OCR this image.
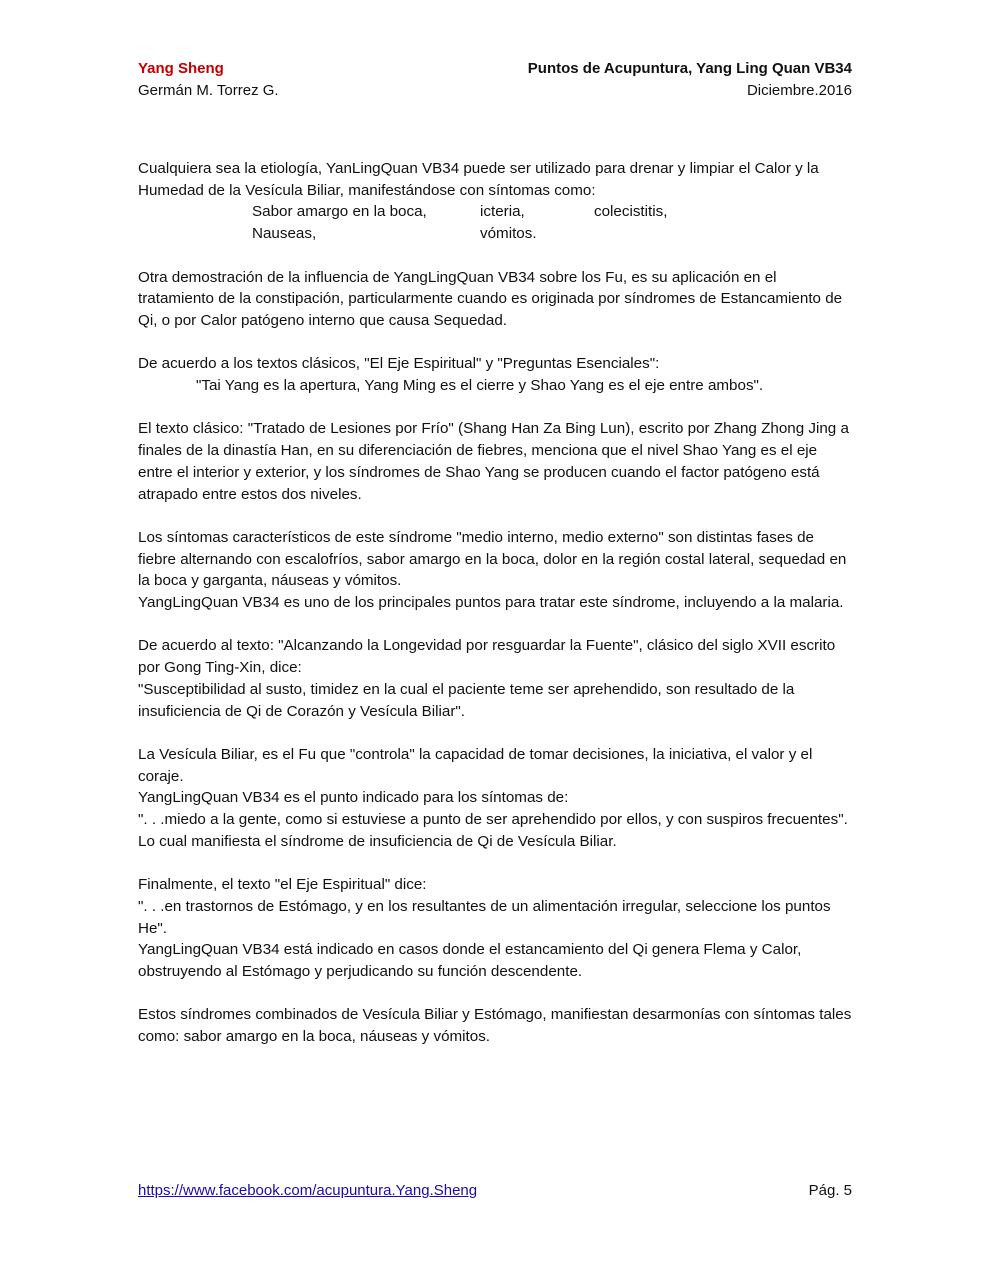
Yang Sheng	Puntos de Acupuntura, Yang Ling Quan VB34
Germán M. Torrez G.	Diciembre.2016

Cualquiera sea la etiología, YanLingQuan VB34 puede ser utilizado para drenar y limpiar el Calor y la Humedad de la Vesícula Biliar, manifestándose con síntomas como:

Sabor amargo en la boca,	icteria,	colecistitis,
Nauseas,	vómitos.

Otra demostración de la influencia de YangLingQuan VB34 sobre los Fu, es su aplicación en el tratamiento de la constipación, particularmente cuando es originada por síndromes de Estancamiento de Qi, o por Calor patógeno interno que causa Sequedad.

De acuerdo a los textos clásicos, "El Eje Espiritual" y "Preguntas Esenciales":

"Tai Yang es la apertura, Yang Ming es el cierre y Shao Yang es el eje entre ambos".

El texto clásico: "Tratado de Lesiones por Frío" (Shang Han Za Bing Lun), escrito por Zhang Zhong Jing a finales de la dinastía Han, en su diferenciación de fiebres, menciona que el nivel Shao Yang es el eje entre el interior y exterior, y los síndromes de Shao Yang se producen cuando el factor patógeno está atrapado entre estos dos niveles.

Los síntomas característicos de este síndrome "medio interno, medio externo" son distintas fases de fiebre alternando con escalofríos, sabor amargo en la boca, dolor en la región costal lateral, sequedad en la boca y garganta, náuseas y vómitos.

YangLingQuan VB34 es uno de los principales puntos para tratar este síndrome, incluyendo a la malaria.

De acuerdo al texto: "Alcanzando la Longevidad por resguardar la Fuente", clásico del siglo XVII escrito por Gong Ting-Xin, dice:

"Susceptibilidad al susto, timidez en la cual el paciente teme ser aprehendido, son resultado de la insuficiencia de Qi de Corazón y Vesícula Biliar".

La Vesícula Biliar, es el Fu que "controla" la capacidad de tomar decisiones, la iniciativa, el valor y el coraje.

YangLingQuan VB34 es el punto indicado para los síntomas de:

". . .miedo a la gente, como si estuviese a punto de ser aprehendido por ellos, y con suspiros frecuentes".

Lo cual manifiesta el síndrome de insuficiencia de Qi de Vesícula Biliar.

Finalmente, el texto "el Eje Espiritual" dice:

". . .en trastornos de Estómago, y en los resultantes de un alimentación irregular, seleccione los puntos He".

YangLingQuan VB34 está indicado en casos donde el estancamiento del Qi genera Flema y Calor, obstruyendo al Estómago y perjudicando su función descendente.

Estos síndromes combinados de Vesícula Biliar y Estómago, manifiestan desarmonías con síntomas tales como: sabor amargo en la boca, náuseas y vómitos.

https://www.facebook.com/acupuntura.Yang.Sheng	Pág. 5
